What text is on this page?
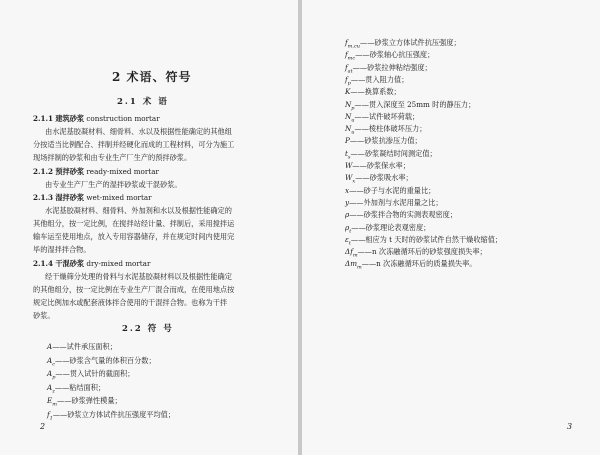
2 术语、符号
2.1 术 语
2.1.1 建筑砂浆 construction mortar
由水泥基胶凝材料、细骨料、水以及根据性能确定的其他组
分按适当比例配合、拌制并经硬化而成的工程材料，可分为施工
现场拌制的砂浆和由专业生产厂生产的预拌砂浆。
2.1.2 预拌砂浆 ready-mixed mortar
由专业生产厂生产的湿拌砂浆或干混砂浆。
2.1.3 湿拌砂浆 wet-mixed mortar
水泥基胶凝材料、细骨料、外加剂和水以及根据性能确定的
其他组分，按一定比例，在搅拌站经计量、拌制后，采用搅拌运
输车运至使用地点，放入专用容器储存，并在规定时间内使用完
毕的湿拌拌合物。
2.1.4 干混砂浆 dry-mixed mortar
经干燥筛分处理的骨料与水泥基胶凝材料以及根据性能确定
的其他组分，按一定比例在专业生产厂混合而成，在使用地点按
规定比例加水或配套液体拌合使用的干混拌合物。也称为干拌
砂浆。
2.2 符 号
A——试件承压面积；
$A_c——$砂浆含气量的体积百分数；
$A_p——$贯入试针的截面积；
$A_z——$粘结面积；
$E_m——$砂浆弹性模量；
$f_1——$砂浆立方体试件抗压强度平均值；
2
$f_{m,cu}——$砂浆立方体试件抗压强度；
$f_{mc}——$砂浆轴心抗压强度；
$f_{at}——$砂浆拉伸粘结强度；
$f_p——$贯入阻力值；
K——换算系数；
$N_p——$贯入深度至 25mm 时的静压力；
$N_u——$试件破坏荷载；
$N_u——$棱柱体破坏压力；
P——砂浆抗渗压力值；
$t_s——$砂浆凝结时间测定值；
W——砂浆保水率；
$W_x——$砂浆吸水率；
x——砂子与水泥的重量比；
y——外加剂与水泥用量之比；
ρ——砂浆拌合物的实测表观密度；
$\rho_t——$砂浆理论表观密度；
$\varepsilon_t——$相应为 t 天时的砂浆试件自然干燥收缩值；
$\Delta f_m——n$ 次冻融循环后的砂浆强度损失率；
$\Delta m_m——n$ 次冻融循环后的质量损失率。
3
